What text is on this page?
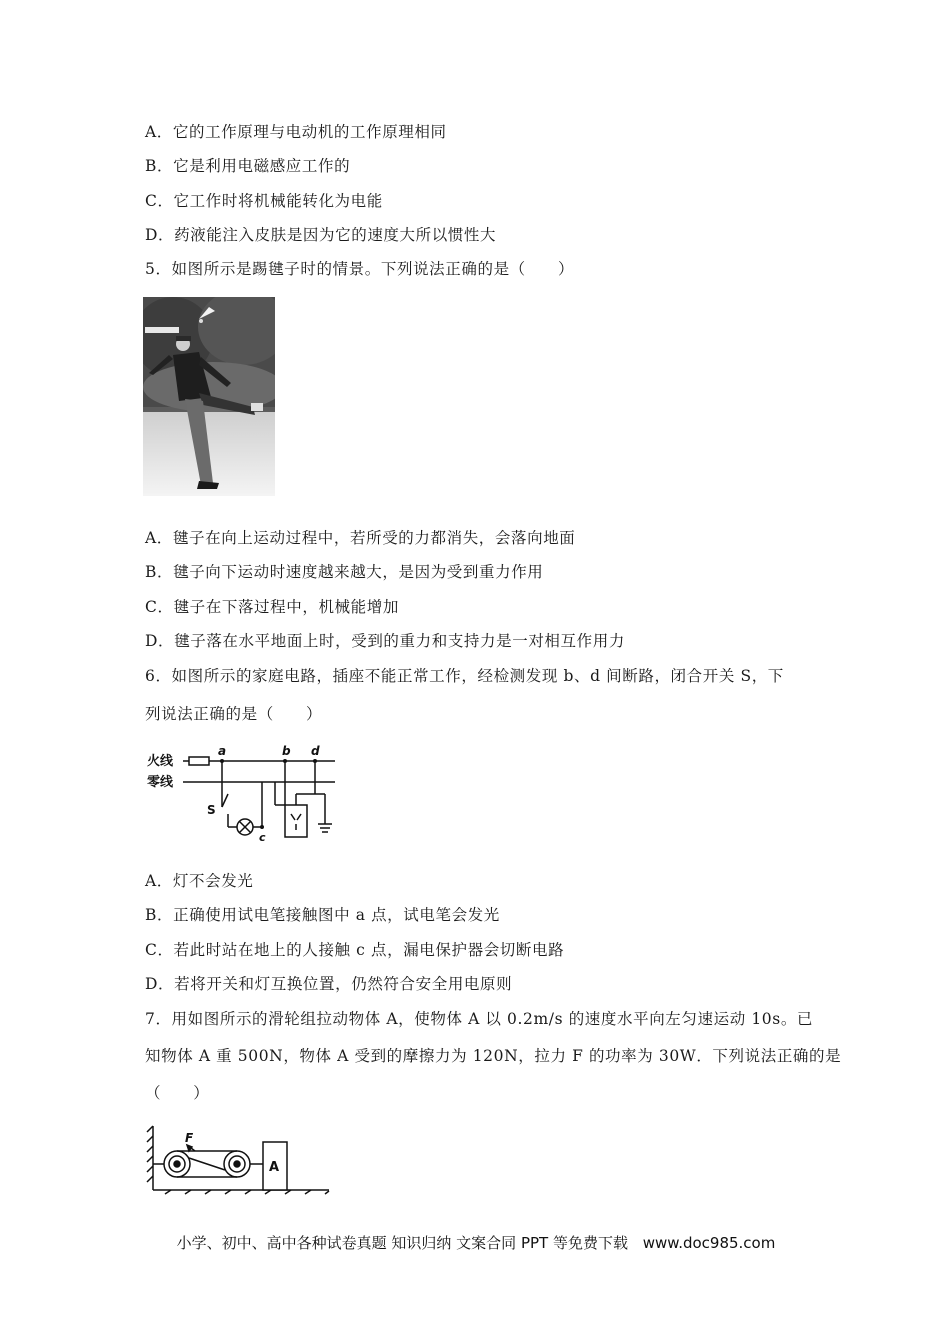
A．它的工作原理与电动机的工作原理相同
B．它是利用电磁感应工作的
C．它工作时将机械能转化为电能
D．药液能注入皮肤是因为它的速度大所以惯性大
5．如图所示是踢毽子时的情景。下列说法正确的是（　　）
A．毽子在向上运动过程中，若所受的力都消失，会落向地面
B．毽子向下运动时速度越来越大，是因为受到重力作用
C．毽子在下落过程中，机械能增加
D．毽子落在水平地面上时，受到的重力和支持力是一对相互作用力
6．如图所示的家庭电路，插座不能正常工作，经检测发现 b、d 间断路，闭合开关 S，下
列说法正确的是（　　）
火线
零线
a	b d
S
c
A．灯不会发光
B．正确使用试电笔接触图中 a 点，试电笔会发光
C．若此时站在地上的人接触 c 点，漏电保护器会切断电路
D．若将开关和灯互换位置，仍然符合安全用电原则
7．用如图所示的滑轮组拉动物体 A，使物体 A 以 0.2m/s 的速度水平向左匀速运动 10s。已
知物体 A 重 500N，物体 A 受到的摩擦力为 120N，拉力 F 的功率为 30W．下列说法正确的是
（　　）
F
A
小学、初中、高中各种试卷真题 知识归纳 文案合同 PPT 等免费下载 www.doc985.com
